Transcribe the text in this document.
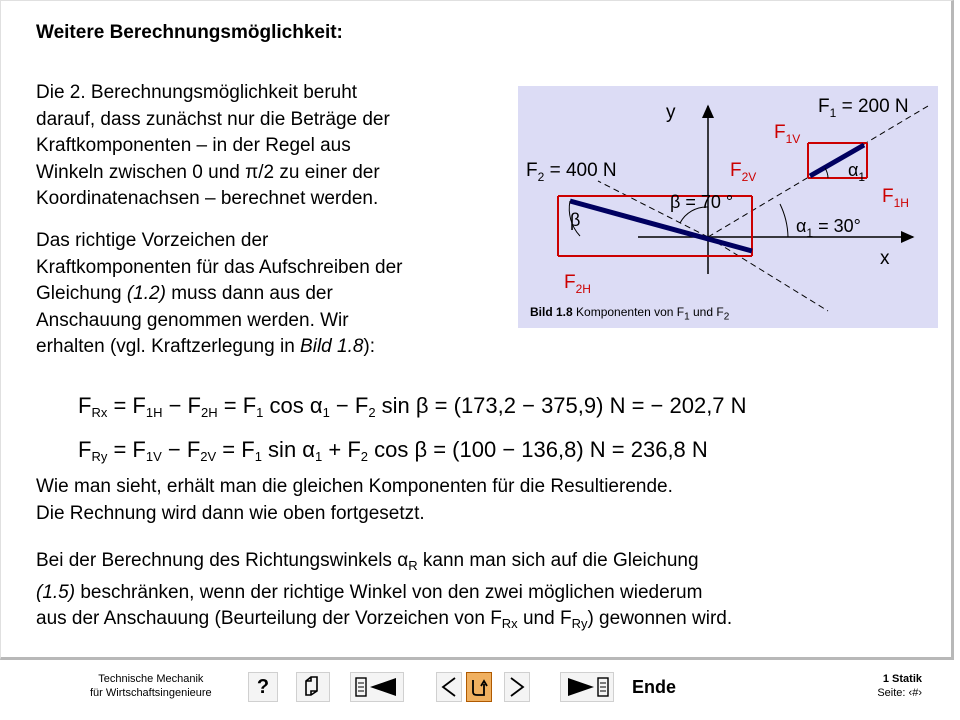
Weitere Berechnungsmöglichkeit:
Die 2. Berechnungsmöglichkeit beruht
darauf, dass zunächst nur die Beträge der
Kraftkomponenten – in der Regel aus
Winkeln zwischen 0 und π/2 zu einer der
Koordinatenachsen – berechnet werden.
Das richtige Vorzeichen der
Kraftkomponenten für das Aufschreiben der
Gleichung (1.2) muss dann aus der
Anschauung genommen werden. Wir
erhalten (vgl. Kraftzerlegung in Bild 1.8):
y
x
$F_1 = 200$ N
$F_2 = 400$ N
$F_{1V}$
$F_{1H}$
$F_{2V}$
$F_{2H}$
$\alpha_1$
$\alpha_1 = 30^\circ$
β
β = 70 °
Bild 1.8 Komponenten von $F_1$ und $F_2$
$F_{Rx} = F_{1H} - F_{2H} = F_1$ $\cos \alpha_1 - F_2$ sin β = (173,2 − 375,9) N = − 202,7 N
$F_{Ry} = F_{1V} - F_{2V} = F_1$ $\sin \alpha_1 + F_2$ cos β = (100 − 136,8) N = 236,8 N
Wie man sieht, erhält man die gleichen Komponenten für die Resultierende.
Die Rechnung wird dann wie oben fortgesetzt.
Bei der Berechnung des Richtungswinkels $\alpha_R$ kann man sich auf die Gleichung
(1.5) beschränken, wenn der richtige Winkel von den zwei möglichen wiederum
aus der Anschauung (Beurteilung der Vorzeichen von $F_{Rx}$ und $F_{Ry}$) gewonnen wird.
Technische Mechanik
für Wirtschaftsingenieure	?	Ende	1 Statik
Seite: ‹#›
